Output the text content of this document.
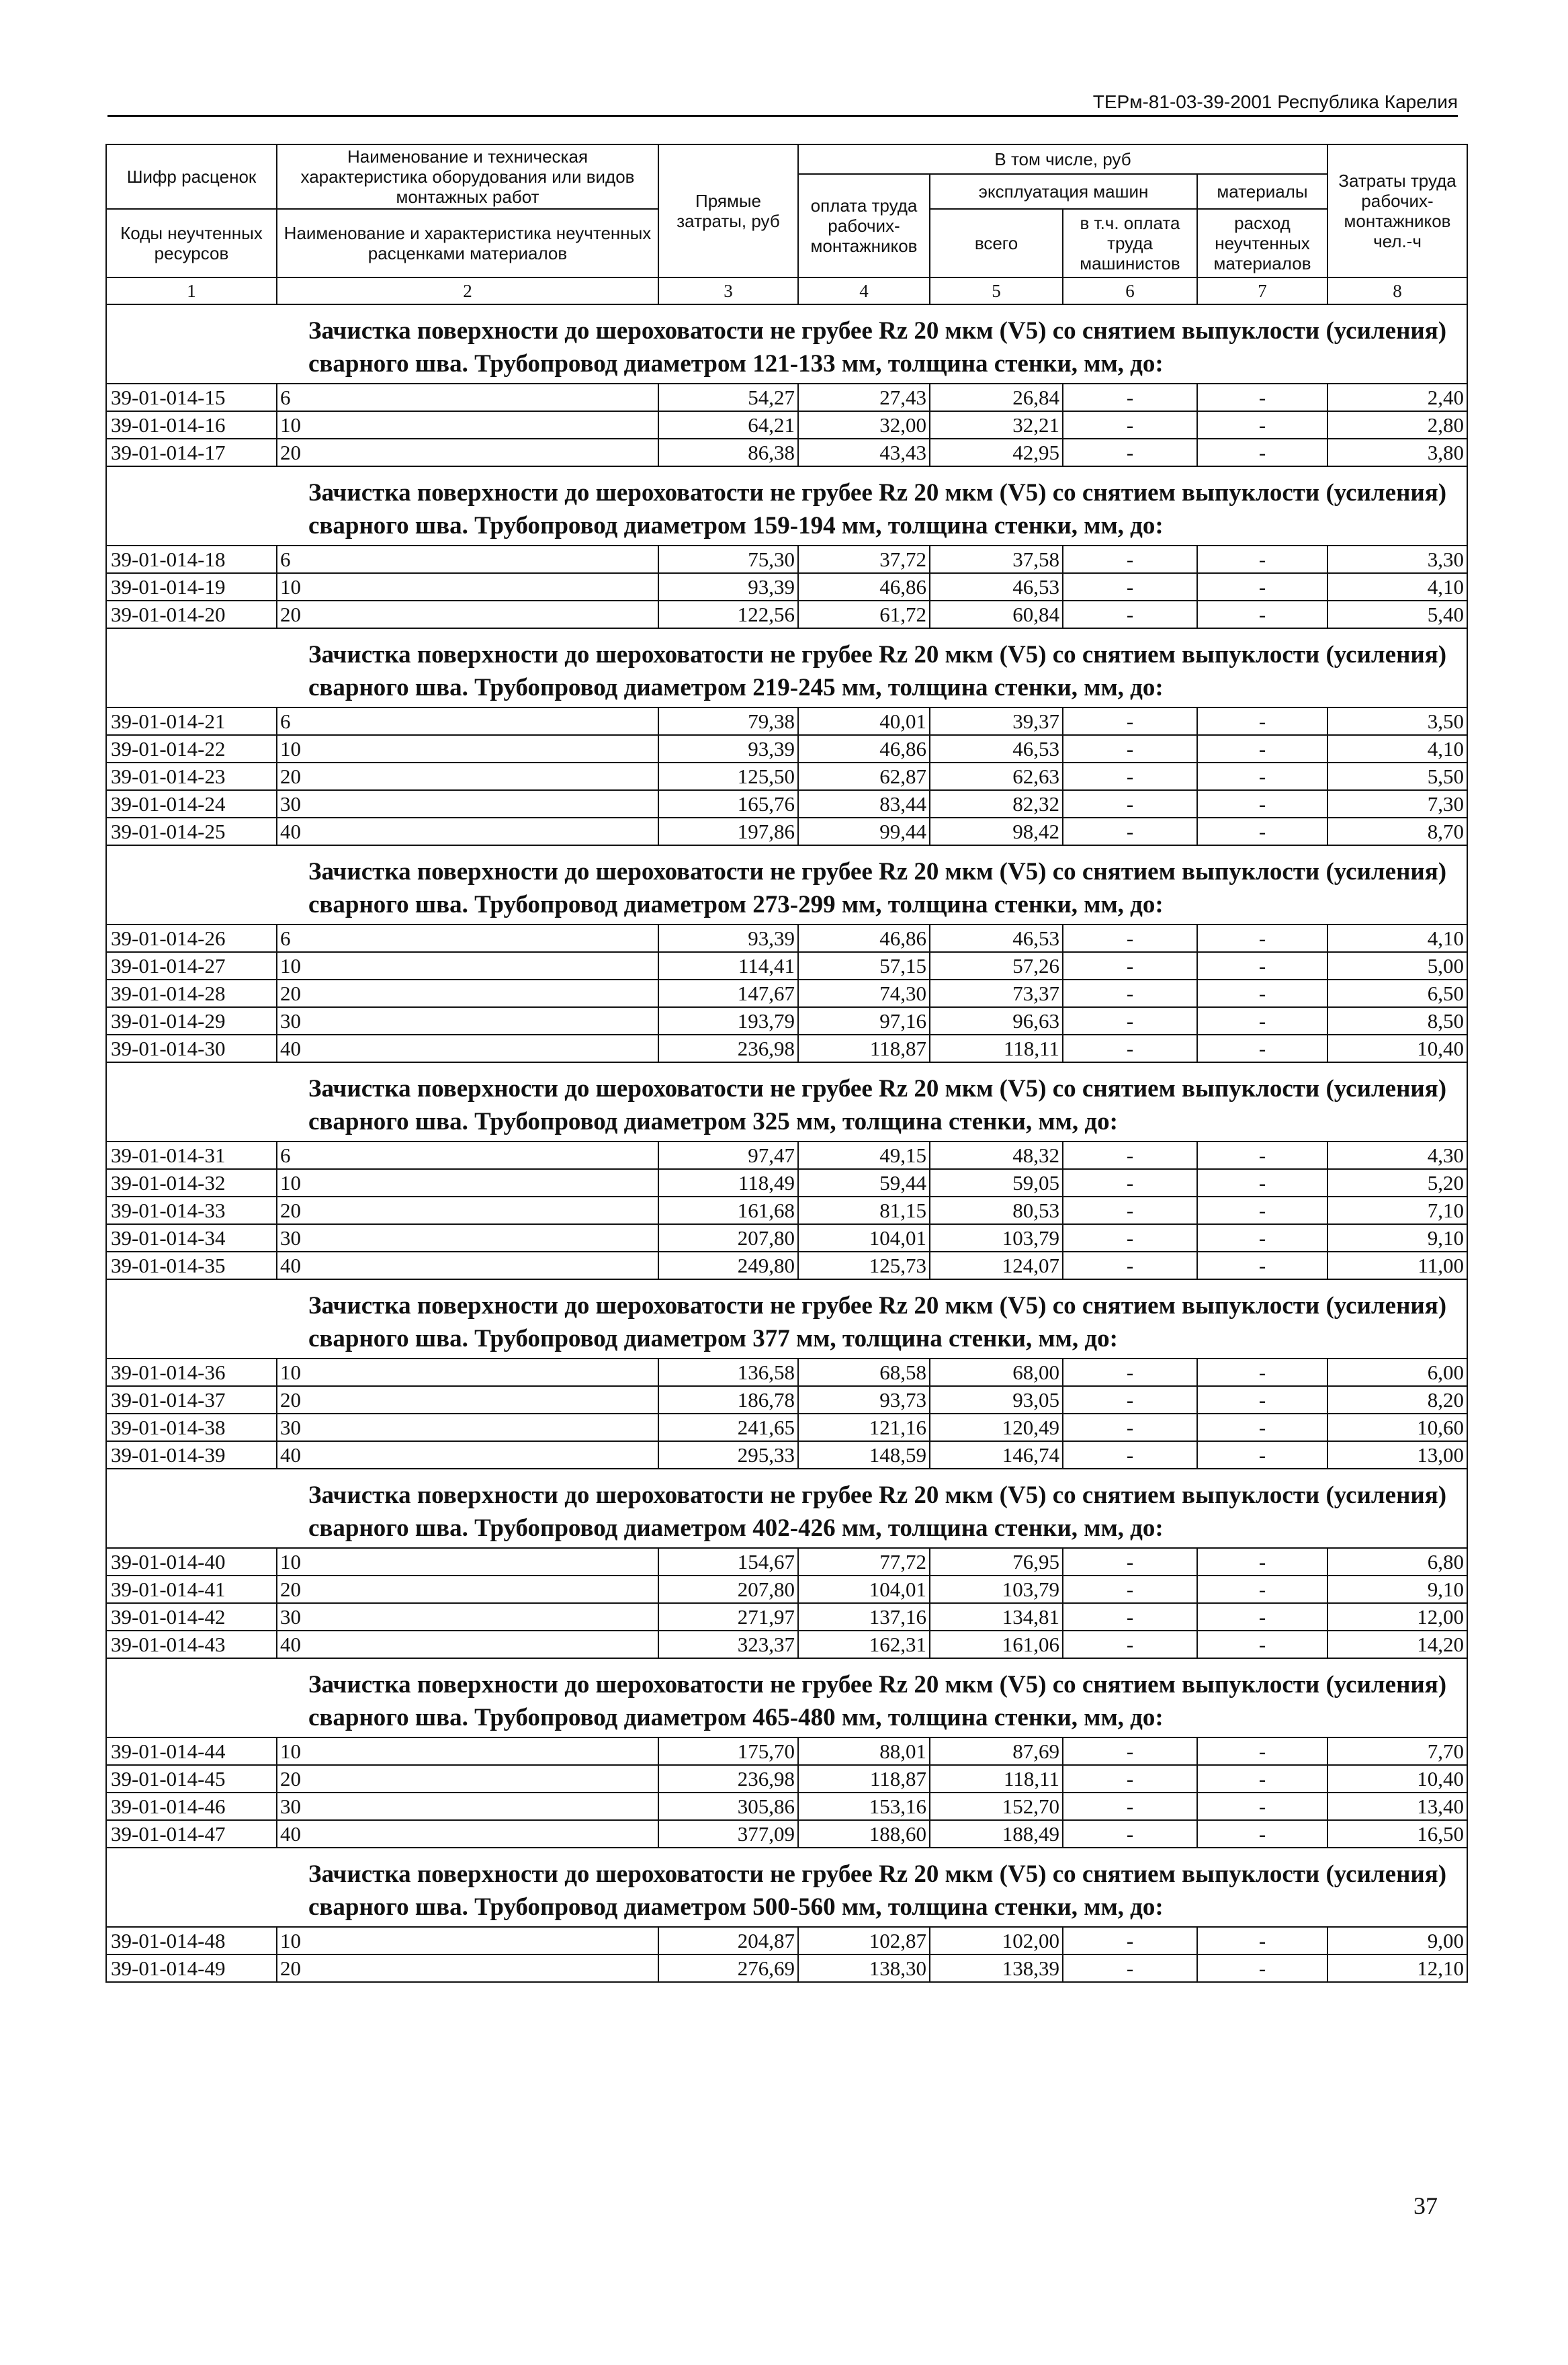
ТЕРм-81-03-39-2001 Республика Карелия
Шифр расценок	Наименование и техническая характеристика оборудования или видов монтажных работ	Прямые затраты, руб	В том числе, руб				Затраты труда рабочих-монтажников чел.-ч
			оплата труда рабочих-монтажников	эксплуатация машин		материалы	
Коды неучтенных ресурсов	Наименование и характеристика неучтенных расценками материалов			всего	в т.ч. оплата труда машинистов	расход неучтенных материалов	
1	2	3	4	5	6	7	8
Зачистка поверхности до шероховатости не грубее Rz 20 мкм (V5) со снятием выпуклости (усиления) сварного шва. Трубопровод диаметром 121-133 мм, толщина стенки, мм, до:							
39-01-014-15	6	54,27	27,43	26,84	-	-	2,40
39-01-014-16	10	64,21	32,00	32,21	-	-	2,80
39-01-014-17	20	86,38	43,43	42,95	-	-	3,80
Зачистка поверхности до шероховатости не грубее Rz 20 мкм (V5) со снятием выпуклости (усиления) сварного шва. Трубопровод диаметром 159-194 мм, толщина стенки, мм, до:							
39-01-014-18	6	75,30	37,72	37,58	-	-	3,30
39-01-014-19	10	93,39	46,86	46,53	-	-	4,10
39-01-014-20	20	122,56	61,72	60,84	-	-	5,40
Зачистка поверхности до шероховатости не грубее Rz 20 мкм (V5) со снятием выпуклости (усиления) сварного шва. Трубопровод диаметром 219-245 мм, толщина стенки, мм, до:							
39-01-014-21	6	79,38	40,01	39,37	-	-	3,50
39-01-014-22	10	93,39	46,86	46,53	-	-	4,10
39-01-014-23	20	125,50	62,87	62,63	-	-	5,50
39-01-014-24	30	165,76	83,44	82,32	-	-	7,30
39-01-014-25	40	197,86	99,44	98,42	-	-	8,70
Зачистка поверхности до шероховатости не грубее Rz 20 мкм (V5) со снятием выпуклости (усиления) сварного шва. Трубопровод диаметром 273-299 мм, толщина стенки, мм, до:							
39-01-014-26	6	93,39	46,86	46,53	-	-	4,10
39-01-014-27	10	114,41	57,15	57,26	-	-	5,00
39-01-014-28	20	147,67	74,30	73,37	-	-	6,50
39-01-014-29	30	193,79	97,16	96,63	-	-	8,50
39-01-014-30	40	236,98	118,87	118,11	-	-	10,40
Зачистка поверхности до шероховатости не грубее Rz 20 мкм (V5) со снятием выпуклости (усиления) сварного шва. Трубопровод диаметром 325 мм, толщина стенки, мм, до:							
39-01-014-31	6	97,47	49,15	48,32	-	-	4,30
39-01-014-32	10	118,49	59,44	59,05	-	-	5,20
39-01-014-33	20	161,68	81,15	80,53	-	-	7,10
39-01-014-34	30	207,80	104,01	103,79	-	-	9,10
39-01-014-35	40	249,80	125,73	124,07	-	-	11,00
Зачистка поверхности до шероховатости не грубее Rz 20 мкм (V5) со снятием выпуклости (усиления) сварного шва. Трубопровод диаметром 377 мм, толщина стенки, мм, до:							
39-01-014-36	10	136,58	68,58	68,00	-	-	6,00
39-01-014-37	20	186,78	93,73	93,05	-	-	8,20
39-01-014-38	30	241,65	121,16	120,49	-	-	10,60
39-01-014-39	40	295,33	148,59	146,74	-	-	13,00
Зачистка поверхности до шероховатости не грубее Rz 20 мкм (V5) со снятием выпуклости (усиления) сварного шва. Трубопровод диаметром 402-426 мм, толщина стенки, мм, до:							
39-01-014-40	10	154,67	77,72	76,95	-	-	6,80
39-01-014-41	20	207,80	104,01	103,79	-	-	9,10
39-01-014-42	30	271,97	137,16	134,81	-	-	12,00
39-01-014-43	40	323,37	162,31	161,06	-	-	14,20
Зачистка поверхности до шероховатости не грубее Rz 20 мкм (V5) со снятием выпуклости (усиления) сварного шва. Трубопровод диаметром 465-480 мм, толщина стенки, мм, до:							
39-01-014-44	10	175,70	88,01	87,69	-	-	7,70
39-01-014-45	20	236,98	118,87	118,11	-	-	10,40
39-01-014-46	30	305,86	153,16	152,70	-	-	13,40
39-01-014-47	40	377,09	188,60	188,49	-	-	16,50
Зачистка поверхности до шероховатости не грубее Rz 20 мкм (V5) со снятием выпуклости (усиления) сварного шва. Трубопровод диаметром 500-560 мм, толщина стенки, мм, до:							
39-01-014-48	10	204,87	102,87	102,00	-	-	9,00
39-01-014-49	20	276,69	138,30	138,39	-	-	12,10
37
